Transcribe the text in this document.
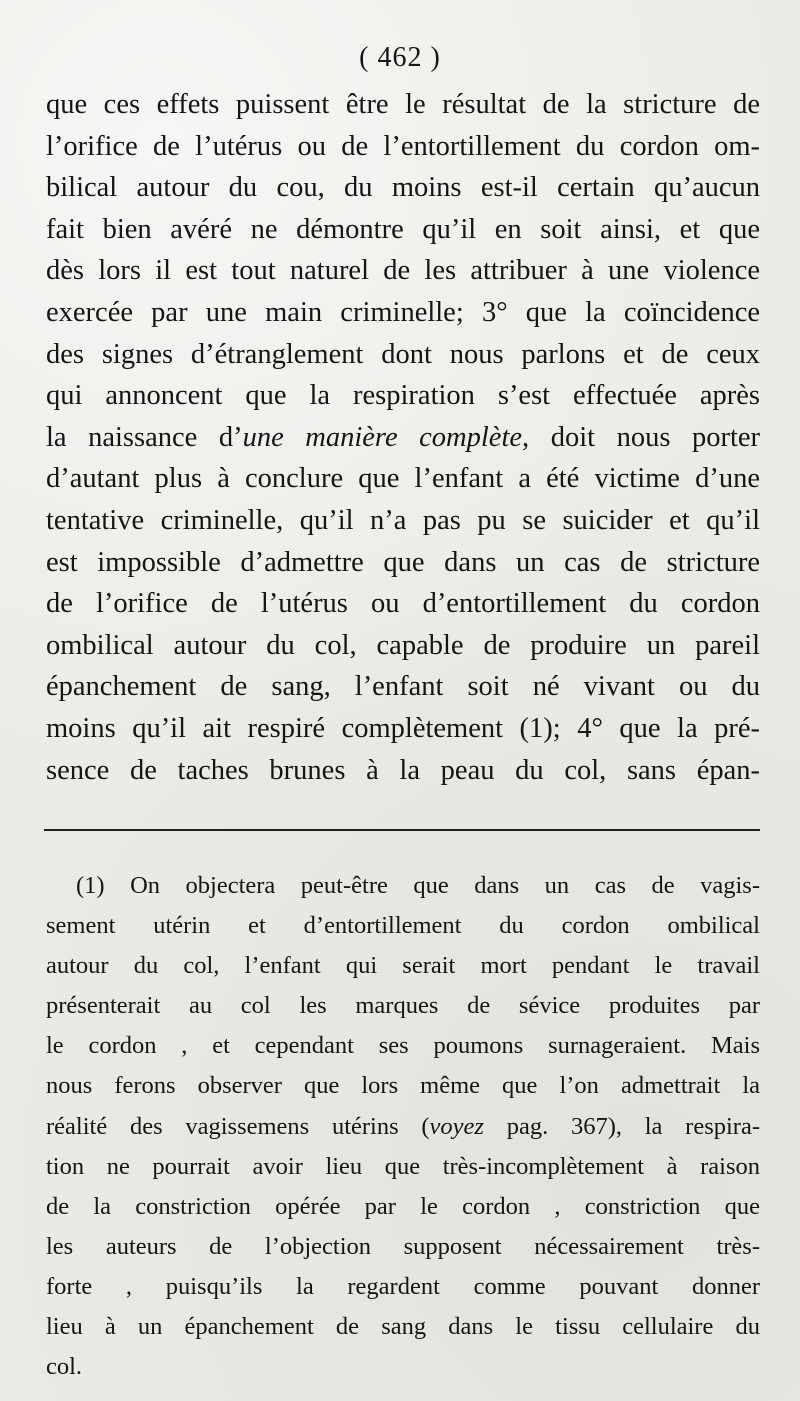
( 462 )
que ces effets puissent être le résultat de la stricture de
l’orifice de l’utérus ou de l’entortillement du cordon om-
bilical autour du cou, du moins est-il certain qu’aucun
fait bien avéré ne démontre qu’il en soit ainsi, et que
dès lors il est tout naturel de les attribuer à une violence
exercée par une main criminelle; 3° que la coïncidence
des signes d’étranglement dont nous parlons et de ceux
qui annoncent que la respiration s’est effectuée après
la naissance d’une manière complète, doit nous porter
d’autant plus à conclure que l’enfant a été victime d’une
tentative criminelle, qu’il n’a pas pu se suicider et qu’il
est impossible d’admettre que dans un cas de stricture
de l’orifice de l’utérus ou d’entortillement du cordon
ombilical autour du col, capable de produire un pareil
épanchement de sang, l’enfant soit né vivant ou du
moins qu’il ait respiré complètement (1); 4° que la pré-
sence de taches brunes à la peau du col, sans épan-
(1) On objectera peut-être que dans un cas de vagis-
sement utérin et d’entortillement du cordon ombilical
autour du col, l’enfant qui serait mort pendant le travail
présenterait au col les marques de sévice produites par
le cordon , et cependant ses poumons surnageraient. Mais
nous ferons observer que lors même que l’on admettrait la
réalité des vagissemens utérins (voyez pag. 367), la respira-
tion ne pourrait avoir lieu que très-incomplètement à raison
de la constriction opérée par le cordon , constriction que
les auteurs de l’objection supposent nécessairement très-
forte , puisqu’ils la regardent comme pouvant donner
lieu à un épanchement de sang dans le tissu cellulaire du
col.
